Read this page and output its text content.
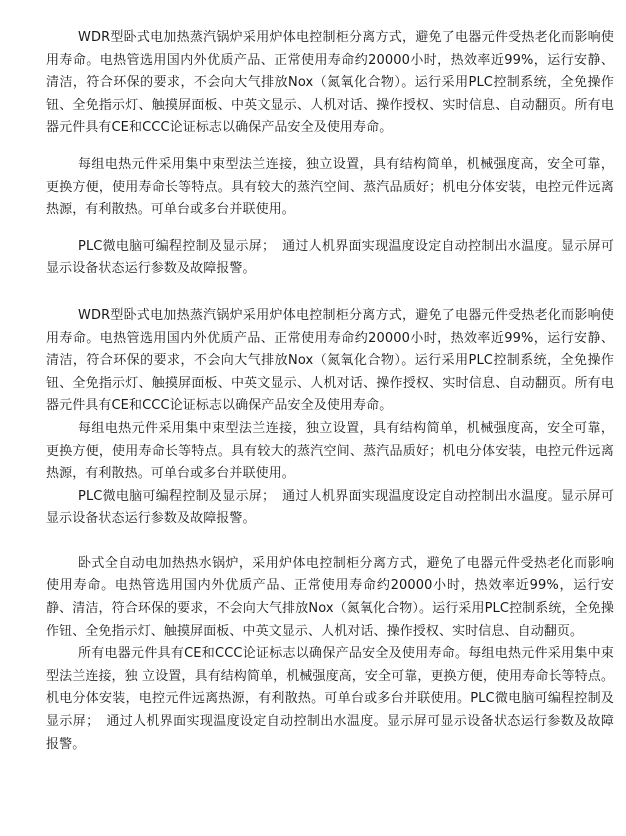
WDR型卧式电加热蒸汽锅炉采用炉体电控制柜分离方式，避免了电器元件受热老化而影响使用寿命。电热管选用国内外优质产品、正常使用寿命约20000小时，热效率近99%，运行安静、清洁，符合环保的要求，不会向大气排放Nox（氮氧化合物）。运行采用PLC控制系统，全免操作钮、全免指示灯、触摸屏面板、中英文显示、人机对话、操作授权、实时信息、自动翻页。所有电器元件具有CE和CCC论证标志以确保产品安全及使用寿命。

每组电热元件采用集中束型法兰连接，独立设置，具有结构简单，机械强度高，安全可靠，更换方便，使用寿命长等特点。具有较大的蒸汽空间、蒸汽品质好；机电分体安装，电控元件远离热源，有利散热。可单台或多台并联使用。

PLC微电脑可编程控制及显示屏；　通过人机界面实现温度设定自动控制出水温度。显示屏可显示设备状态运行参数及故障报警。

WDR型卧式电加热蒸汽锅炉采用炉体电控制柜分离方式，避免了电器元件受热老化而影响使用寿命。电热管选用国内外优质产品、正常使用寿命约20000小时，热效率近99%，运行安静、清洁，符合环保的要求，不会向大气排放Nox（氮氧化合物）。运行采用PLC控制系统，全免操作钮、全免指示灯、触摸屏面板、中英文显示、人机对话、操作授权、实时信息、自动翻页。所有电器元件具有CE和CCC论证标志以确保产品安全及使用寿命。

每组电热元件采用集中束型法兰连接，独立设置，具有结构简单，机械强度高，安全可靠，更换方便，使用寿命长等特点。具有较大的蒸汽空间、蒸汽品质好；机电分体安装，电控元件远离热源，有利散热。可单台或多台并联使用。

PLC微电脑可编程控制及显示屏；　通过人机界面实现温度设定自动控制出水温度。显示屏可显示设备状态运行参数及故障报警。

卧式全自动电加热热水锅炉，采用炉体电控制柜分离方式，避免了电器元件受热老化而影响使用寿命。电热管选用国内外优质产品、正常使用寿命约20000小时，热效率近99%，运行安静、清洁，符合环保的要求，不会向大气排放Nox（氮氧化合物）。运行采用PLC控制系统，全免操作钮、全免指示灯、触摸屏面板、中英文显示、人机对话、操作授权、实时信息、自动翻页。

所有电器元件具有CE和CCC论证标志以确保产品安全及使用寿命。每组电热元件采用集中束型法兰连接，独 立设置，具有结构简单，机械强度高，安全可靠，更换方便，使用寿命长等特点。机电分体安装，电控元件远离热源，有利散热。可单台或多台并联使用。PLC微电脑可编程控制及显示屏；　通过人机界面实现温度设定自动控制出水温度。显示屏可显示设备状态运行参数及故障报警。
